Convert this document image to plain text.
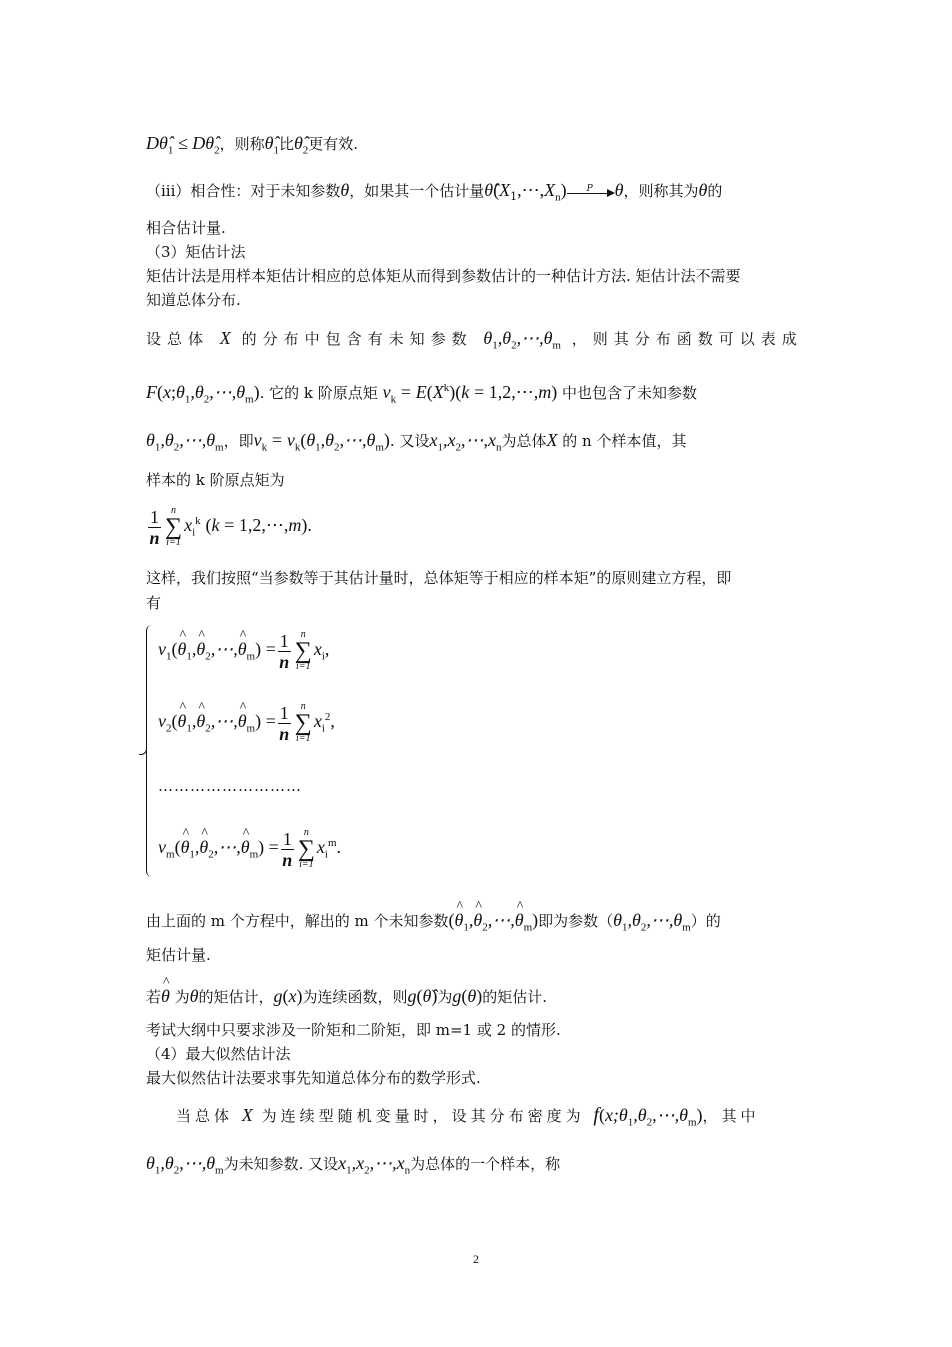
$D\thetâ_1$ ≤ $D\thetâ_2$，则称$\thetâ_1$比$\thetâ_2$更有效.
（iii）相合性：对于未知参数θ，如果其一个估计量$\thetâ(X_1,\cdots,X_n)$ P θ，则称其为θ的
相合估计量.
（3）矩估计法
矩估计法是用样本矩估计相应的总体矩从而得到参数估计的一种估计方法. 矩估计法不需要
知道总体分布.
设总体 X 的分布中包含有未知参数 $\theta_1,\theta_2,\cdots,\theta_m$ ，则其分布函数可以表成
$F(x;\theta_1,\theta_2,\cdots,\theta_m)$. 它的 k 阶原点矩 $v_k = E(X^k)(k$ = 1,2,⋯,m) 中也包含了未知参数
$\theta_1,\theta_2,\cdots,\theta_m$，即$v_k$ = $v_k(\theta_1,\theta_2,\cdots,\theta_m)$. 又设$x_1,x_2,\cdots,x_n$为总体X 的 n 个样本值，其
样本的 k 阶原点矩为
$\frac{1}{n}$	n
∑
i=1
$x_i^k$ (k = 1,2,⋯,m).
这样，我们按照“当参数等于其估计量时，总体矩等于相应的样本矩”的原则建立方程，即
有
$v_1(\^{}$ $\theta_1,\^{}$ $\theta_2,\cdots,\^{}$ $\theta_m) = \frac{1}{n}$	n
∑
i=1
$x_i$,
$v_2(\^{}$ $\theta_1,\^{}$ $\theta_2,\cdots,\^{}$ $\theta_m) = \frac{1}{n}$	n
∑
i=1
$x_i^2$,
………………………
$v_m(\^{}$ $\theta_1,\^{}$ $\theta_2,\cdots,\^{}$ $\theta_m) = \frac{1}{n}$	n
∑
i=1
$x_i^m$.
由上面的 m 个方程中，解出的 m 个未知参数(^ $\theta_1,\^{}$ $\theta_2,\cdots,\^{}$ $\theta_m$)即为参数$(\theta_1,\theta_2,\cdots,\theta_m)$的
矩估计量.
若^ θ 为θ的矩估计，g(x)为连续函数，则g(θ̂)为g(θ)的矩估计.
考试大纲中只要求涉及一阶矩和二阶矩，即 m=1 或 2 的情形.
（4）最大似然估计法
最大似然估计法要求事先知道总体分布的数学形式.
当总体 X 为连续型随机变量时，设其分布密度为 $f(x;\theta_1,\theta_2,\cdots,\theta_m)$，其中
$\theta_1,\theta_2,\cdots,\theta_m$为未知参数. 又设$x_1,x_2,\cdots,x_n$为总体的一个样本，称
2
